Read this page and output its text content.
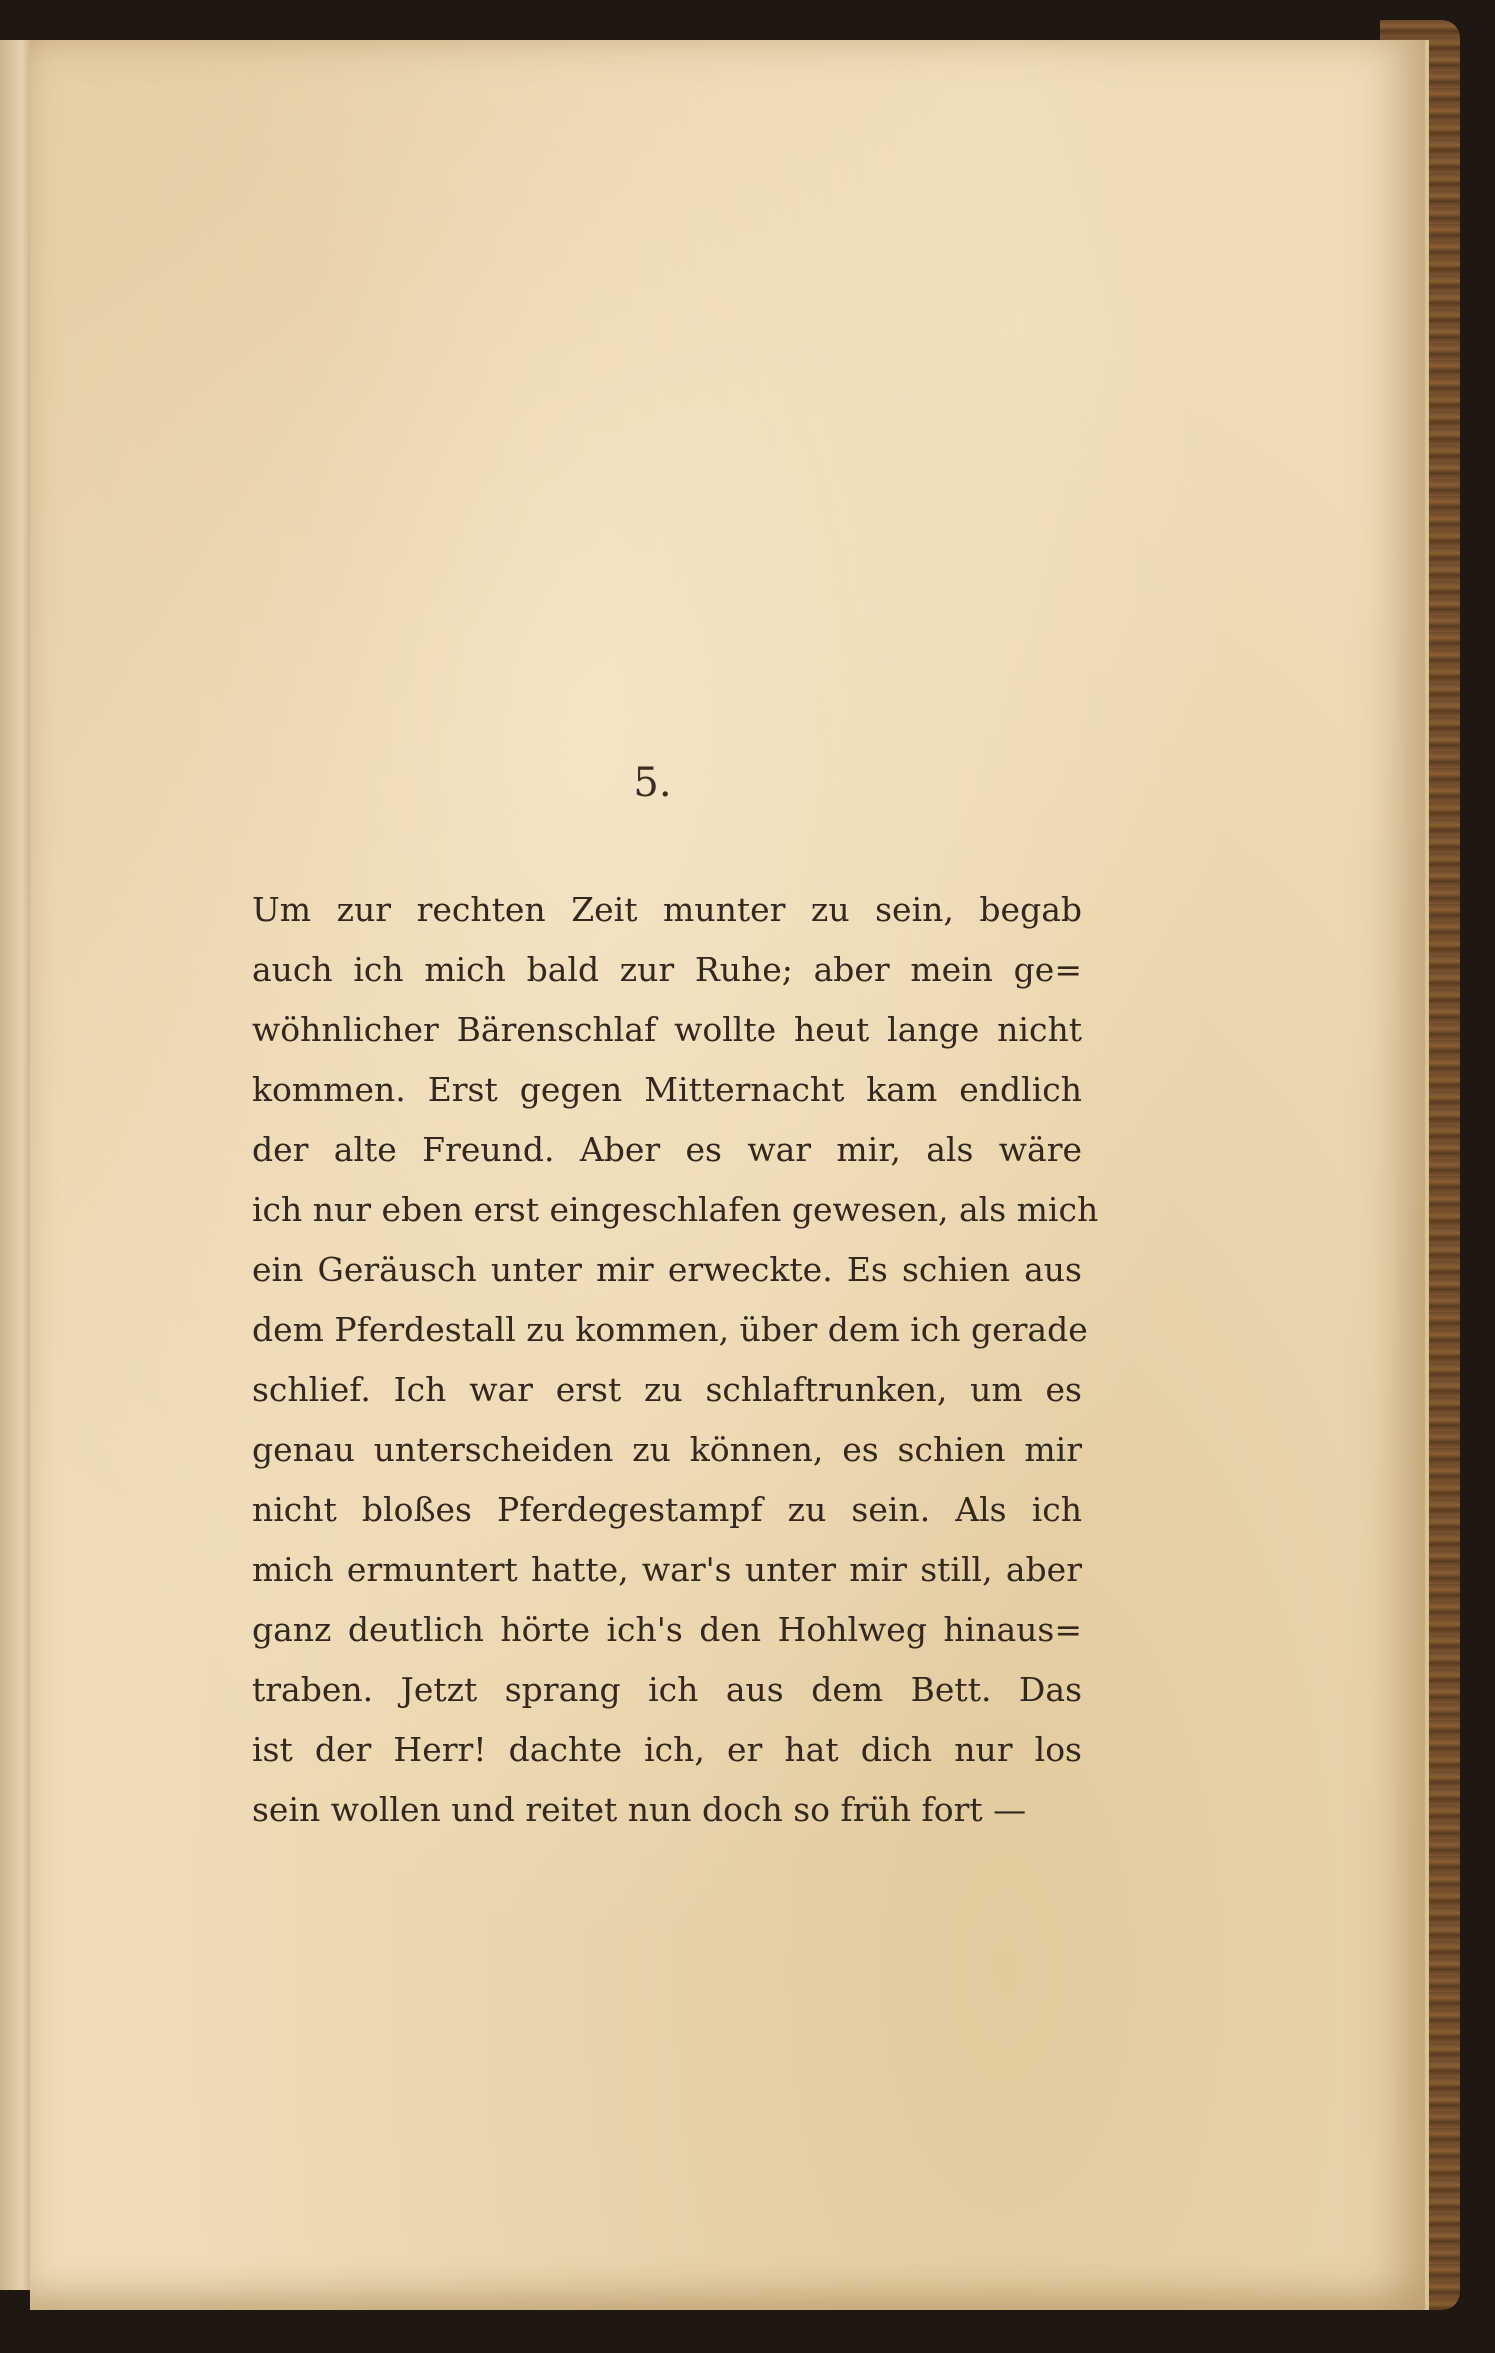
5.
Um zur rechten Zeit munter zu sein, begab
auch ich mich bald zur Ruhe; aber mein ge=
wöhnlicher Bärenschlaf wollte heut lange nicht
kommen. Erst gegen Mitternacht kam endlich
der alte Freund. Aber es war mir, als wäre
ich nur eben erst eingeschlafen gewesen, als mich
ein Geräusch unter mir erweckte. Es schien aus
dem Pferdestall zu kommen, über dem ich gerade
schlief. Ich war erst zu schlaftrunken, um es
genau unterscheiden zu können, es schien mir
nicht bloßes Pferdegestampf zu sein. Als ich
mich ermuntert hatte, war's unter mir still, aber
ganz deutlich hörte ich's den Hohlweg hinaus=
traben. Jetzt sprang ich aus dem Bett. Das
ist der Herr! dachte ich, er hat dich nur los
sein wollen und reitet nun doch so früh fort —
